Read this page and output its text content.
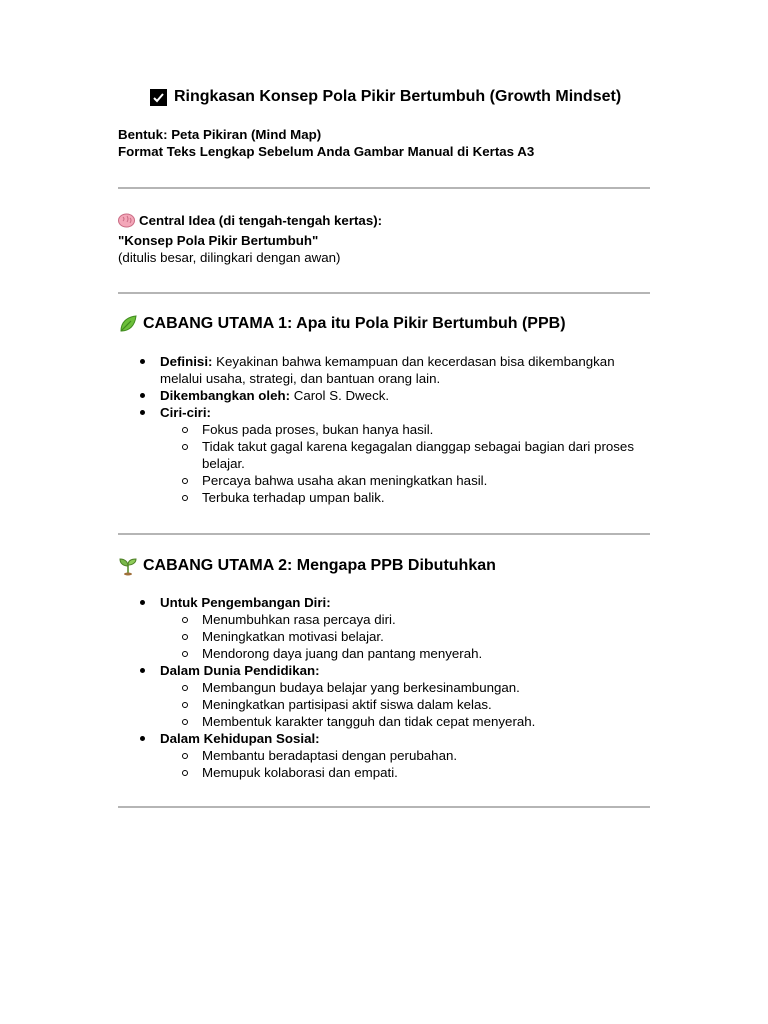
Ringkasan Konsep Pola Pikir Bertumbuh (Growth Mindset)
Bentuk: Peta Pikiran (Mind Map)
Format Teks Lengkap Sebelum Anda Gambar Manual di Kertas A3
Central Idea (di tengah-tengah kertas):
"Konsep Pola Pikir Bertumbuh"
(ditulis besar, dilingkari dengan awan)
CABANG UTAMA 1: Apa itu Pola Pikir Bertumbuh (PPB)
Definisi: Keyakinan bahwa kemampuan dan kecerdasan bisa dikembangkan melalui usaha, strategi, dan bantuan orang lain.
Dikembangkan oleh: Carol S. Dweck.
Ciri-ciri:
Fokus pada proses, bukan hanya hasil.
Tidak takut gagal karena kegagalan dianggap sebagai bagian dari proses belajar.
Percaya bahwa usaha akan meningkatkan hasil.
Terbuka terhadap umpan balik.
CABANG UTAMA 2: Mengapa PPB Dibutuhkan
Untuk Pengembangan Diri:
Menumbuhkan rasa percaya diri.
Meningkatkan motivasi belajar.
Mendorong daya juang dan pantang menyerah.
Dalam Dunia Pendidikan:
Membangun budaya belajar yang berkesinambungan.
Meningkatkan partisipasi aktif siswa dalam kelas.
Membentuk karakter tangguh dan tidak cepat menyerah.
Dalam Kehidupan Sosial:
Membantu beradaptasi dengan perubahan.
Memupuk kolaborasi dan empati.
